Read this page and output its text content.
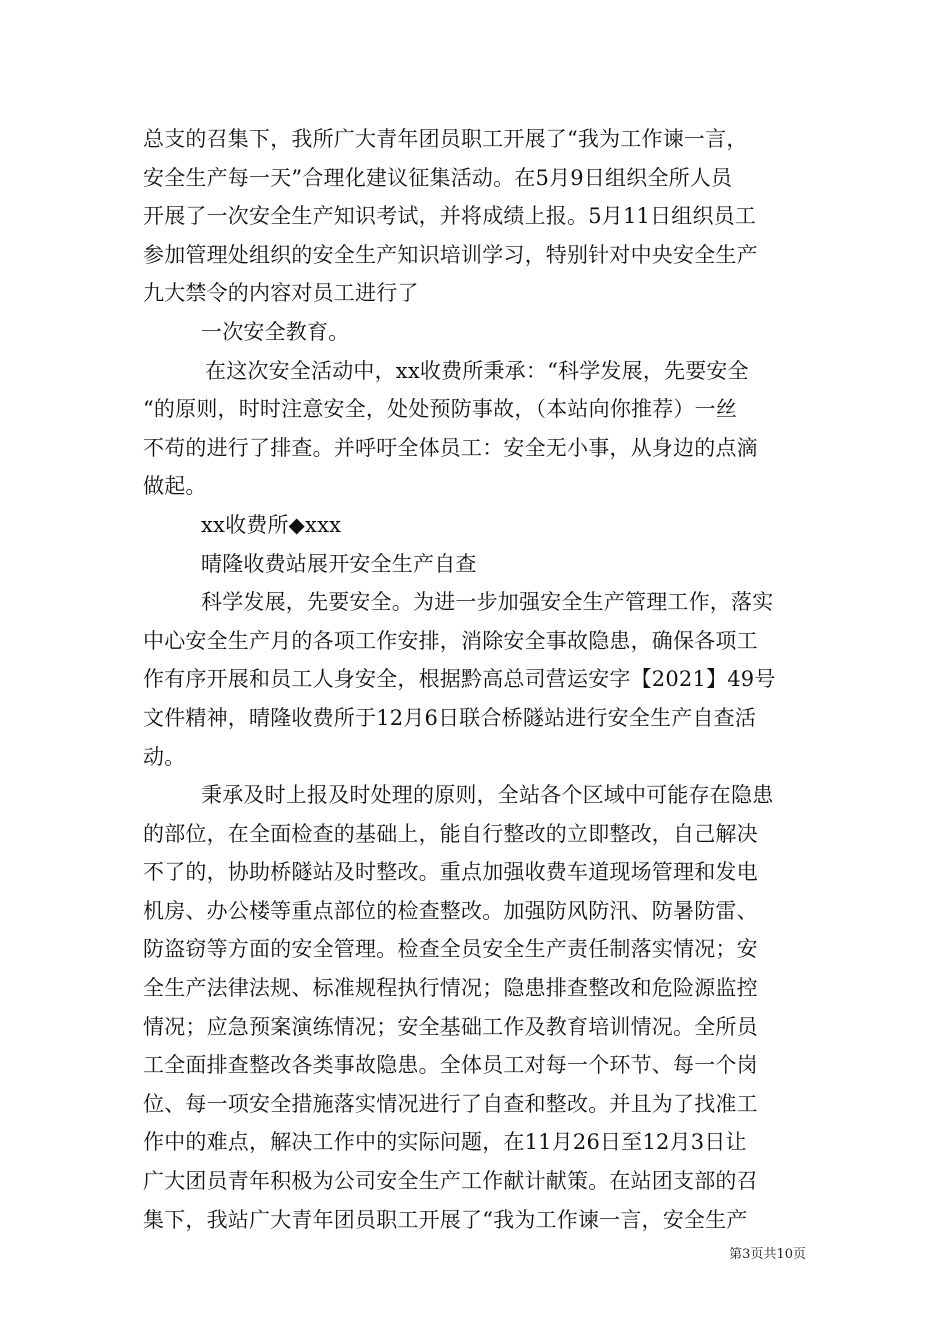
总支的召集下，我所广大青年团员职工开展了“我为工作谏一言，
安全生产每一天”合理化建议征集活动。在5月9日组织全所人员
开展了一次安全生产知识考试，并将成绩上报。5月11日组织员工
参加管理处组织的安全生产知识培训学习，特别针对中央安全生产
九大禁令的内容对员工进行了
一次安全教育。
在这次安全活动中，xx收费所秉承：“科学发展，先要安全
“的原则，时时注意安全，处处预防事故，（本站向你推荐）一丝
不苟的进行了排查。并呼吁全体员工：安全无小事，从身边的点滴
做起。
xx收费所◆xxx
晴隆收费站展开安全生产自查
科学发展，先要安全。为进一步加强安全生产管理工作，落实
中心安全生产月的各项工作安排，消除安全事故隐患，确保各项工
作有序开展和员工人身安全，根据黔高总司营运安字【2021】49号
文件精神，晴隆收费所于12月6日联合桥隧站进行安全生产自查活
动。
秉承及时上报及时处理的原则，全站各个区域中可能存在隐患
的部位，在全面检查的基础上，能自行整改的立即整改，自己解决
不了的，协助桥隧站及时整改。重点加强收费车道现场管理和发电
机房、办公楼等重点部位的检查整改。加强防风防汛、防暑防雷、
防盗窃等方面的安全管理。检查全员安全生产责任制落实情况；安
全生产法律法规、标准规程执行情况；隐患排查整改和危险源监控
情况；应急预案演练情况；安全基础工作及教育培训情况。全所员
工全面排查整改各类事故隐患。全体员工对每一个环节、每一个岗
位、每一项安全措施落实情况进行了自查和整改。并且为了找准工
作中的难点，解决工作中的实际问题，在11月26日至12月3日让
广大团员青年积极为公司安全生产工作献计献策。在站团支部的召
集下，我站广大青年团员职工开展了“我为工作谏一言，安全生产
第3页共10页
